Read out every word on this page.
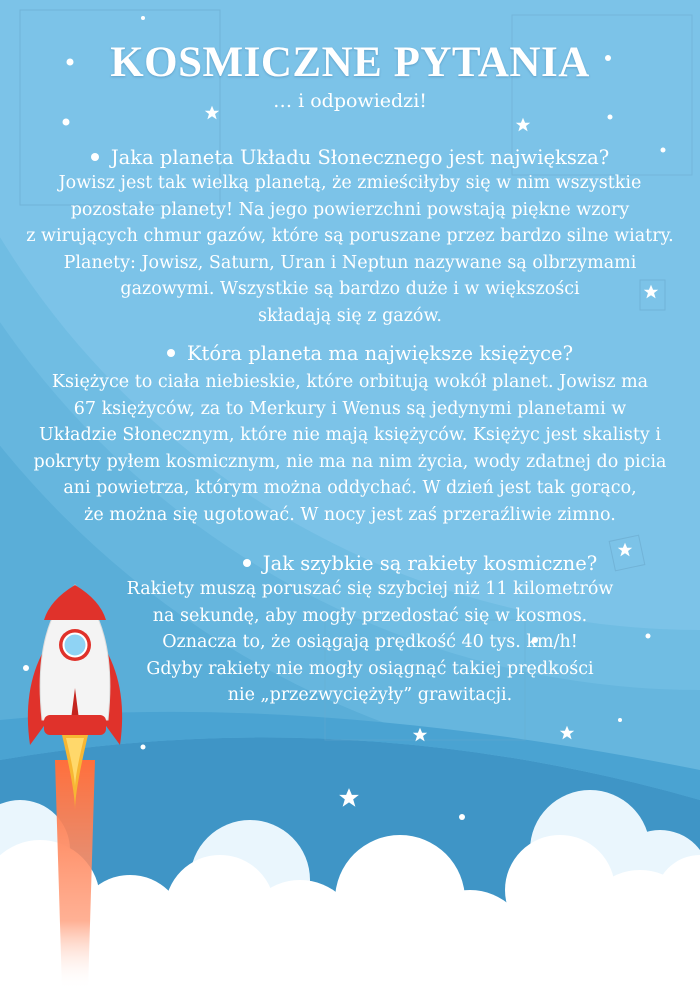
KOSMICZNE PYTANIA
… i odpowiedzi!
Jaka planeta Układu Słonecznego jest największa?
Jowisz jest tak wielką planetą, że zmieściłyby się w nim wszystkie
pozostałe planety! Na jego powierzchni powstają piękne wzory
z wirujących chmur gazów, które są poruszane przez bardzo silne wiatry.
Planety: Jowisz, Saturn, Uran i Neptun nazywane są olbrzymami
gazowymi. Wszystkie są bardzo duże i w większości
składają się z gazów.
Która planeta ma największe księżyce?
Księżyce to ciała niebieskie, które orbitują wokół planet. Jowisz ma
67 księżyców, za to Merkury i Wenus są jedynymi planetami w
Układzie Słonecznym, które nie mają księżyców. Księżyc jest skalisty i
pokryty pyłem kosmicznym, nie ma na nim życia, wody zdatnej do picia
ani powietrza, którym można oddychać. W dzień jest tak gorąco,
że można się ugotować. W nocy jest zaś przeraźliwie zimno.
Jak szybkie są rakiety kosmiczne?
Rakiety muszą poruszać się szybciej niż 11 kilometrów
na sekundę, aby mogły przedostać się w kosmos.
Oznacza to, że osiągają prędkość 40 tys. km/h!
Gdyby rakiety nie mogły osiągnąć takiej prędkości
nie „przezwyciężyły” grawitacji.
